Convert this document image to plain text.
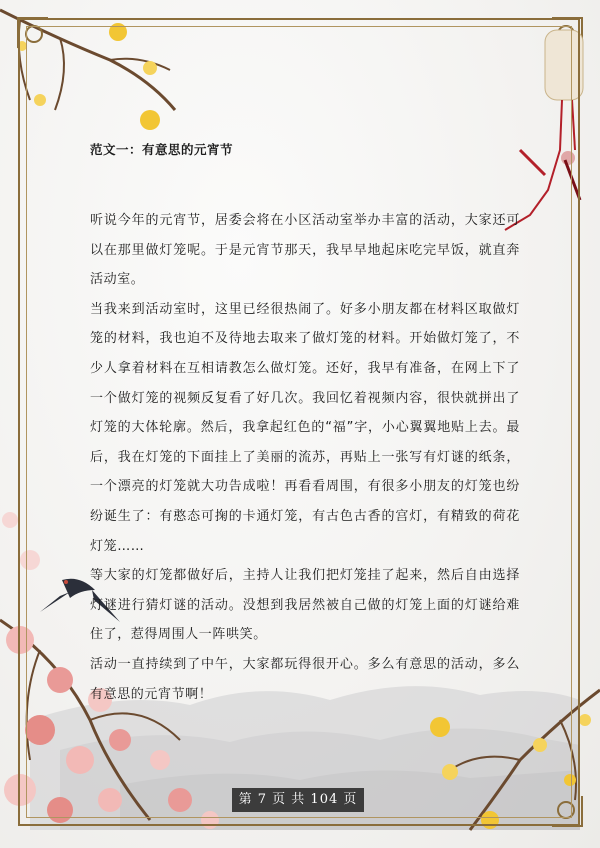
范文一：有意思的元宵节

听说今年的元宵节，居委会将在小区活动室举办丰富的活动，大家还可以在那里做灯笼呢。于是元宵节那天，我早早地起床吃完早饭，就直奔活动室。

当我来到活动室时，这里已经很热闹了。好多小朋友都在材料区取做灯笼的材料，我也迫不及待地去取来了做灯笼的材料。开始做灯笼了，不少人拿着材料在互相请教怎么做灯笼。还好，我早有准备，在网上下了一个做灯笼的视频反复看了好几次。我回忆着视频内容，很快就拼出了灯笼的大体轮廓。然后，我拿起红色的“福”字，小心翼翼地贴上去。最后，我在灯笼的下面挂上了美丽的流苏，再贴上一张写有灯谜的纸条，一个漂亮的灯笼就大功告成啦！再看看周围，有很多小朋友的灯笼也纷纷诞生了：有憨态可掬的卡通灯笼，有古色古香的宫灯，有精致的荷花灯笼……

等大家的灯笼都做好后，主持人让我们把灯笼挂了起来，然后自由选择灯谜进行猜灯谜的活动。没想到我居然被自己做的灯笼上面的灯谜给难住了，惹得周围人一阵哄笑。

活动一直持续到了中午，大家都玩得很开心。多么有意思的活动，多么有意思的元宵节啊！

第 7 页 共 104 页
